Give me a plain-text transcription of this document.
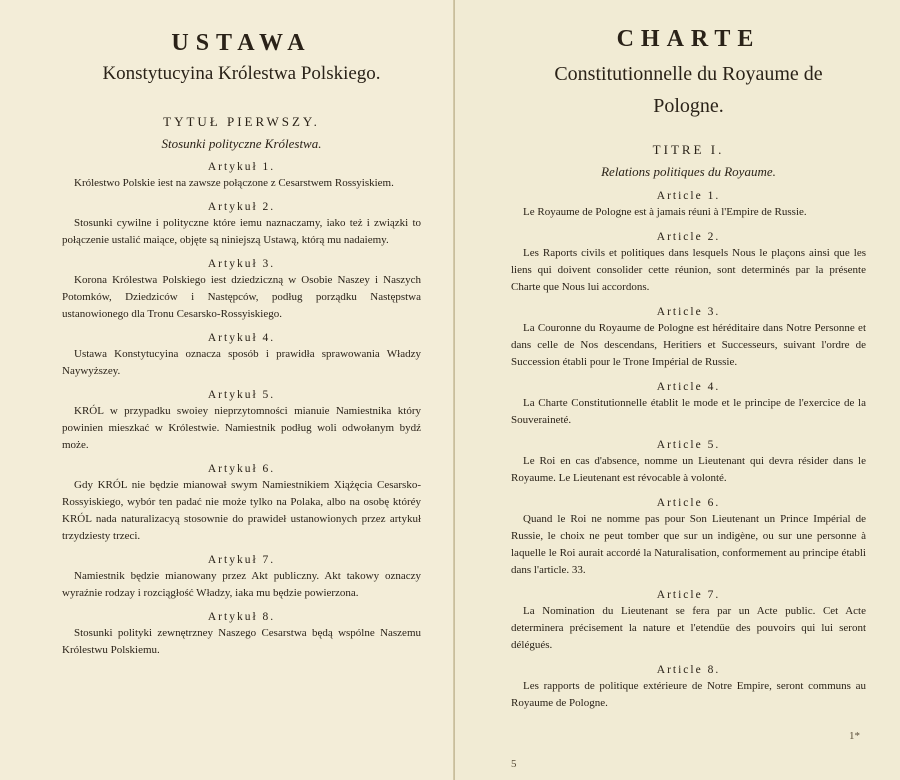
USTAWA

Konstytucyina Królestwa Polskiego.

TYTUŁ PIERWSZY.

Stosunki polityczne Królestwa.

Artykuł 1.
Królestwo Polskie iest na zawsze połączone z Cesarstwem Rossyiskiem.
Artykuł 2.
Stosunki cywilne i polityczne które iemu naznaczamy, iako też i związki to połączenie ustalić maiące, objęte są niniejszą Ustawą, którą mu nadaiemy.
Artykuł 3.
Korona Królestwa Polskiego iest dziedziczną w Osobie Naszey i Naszych Potomków, Dziedziców i Następców, podług porządku Następstwa ustanowionego dla Tronu Cesarsko-Rossyiskiego.
Artykuł 4.
Ustawa Konstytucyina oznacza sposób i prawidła sprawowania Władzy Naywyższey.
Artykuł 5.
KRÓL w przypadku swoiey nieprzytomności mianuie Namiestnika który powinien mieszkać w Królestwie. Namiestnik podług woli odwołanym bydź może.
Artykuł 6.
Gdy KRÓL nie będzie mianował swym Namiestnikiem Xiążęcia Cesarsko-Rossyiskiego, wybór ten padać nie może tylko na Polaka, albo na osobę któréy KRÓL nada naturalizacyą stosownie do prawideł ustanowionych przez artykuł trzydziesty trzeci.
Artykuł 7.
Namiestnik będzie mianowany przez Akt publiczny. Akt takowy oznaczy wyraźnie rodzay i rozciągłość Władzy, iaka mu będzie powierzona.
Artykuł 8.
Stosunki polityki zewnętrzney Naszego Cesarstwa będą wspólne Naszemu Królestwu Polskiemu.
CHARTE

Constitutionnelle du Royaume de

Pologne.

TITRE I.

Relations politiques du Royaume.

Article 1.
Le Royaume de Pologne est à jamais réuni à l'Empire de Russie.
Article 2.
Les Raports civils et politiques dans lesquels Nous le plaçons ainsi que les liens qui doivent consolider cette réunion, sont determinés par la présente Charte que Nous lui accordons.
Article 3.
La Couronne du Royaume de Pologne est héréditaire dans Notre Personne et dans celle de Nos descendans, Heritiers et Successeurs, suivant l'ordre de Succession établi pour le Trone Impérial de Russie.
Article 4.
La Charte Constitutionnelle établit le mode et le principe de l'exercice de la Souveraineté.
Article 5.
Le Roi en cas d'absence, nomme un Lieutenant qui devra résider dans le Royaume. Le Lieutenant est révocable à volonté.
Article 6.
Quand le Roi ne nomme pas pour Son Lieutenant un Prince Impérial de Russie, le choix ne peut tomber que sur un indigène, ou sur une personne à laquelle le Roi aurait accordé la Naturalisation, conformement au principe établi dans l'article. 33.
Article 7.
La Nomination du Lieutenant se fera par un Acte public. Cet Acte determinera précisement la nature et l'etendüe des pouvoirs qui lui seront délégués.
Article 8.
Les rapports de politique extérieure de Notre Empire, seront communs au Royaume de Pologne.
1*
5
